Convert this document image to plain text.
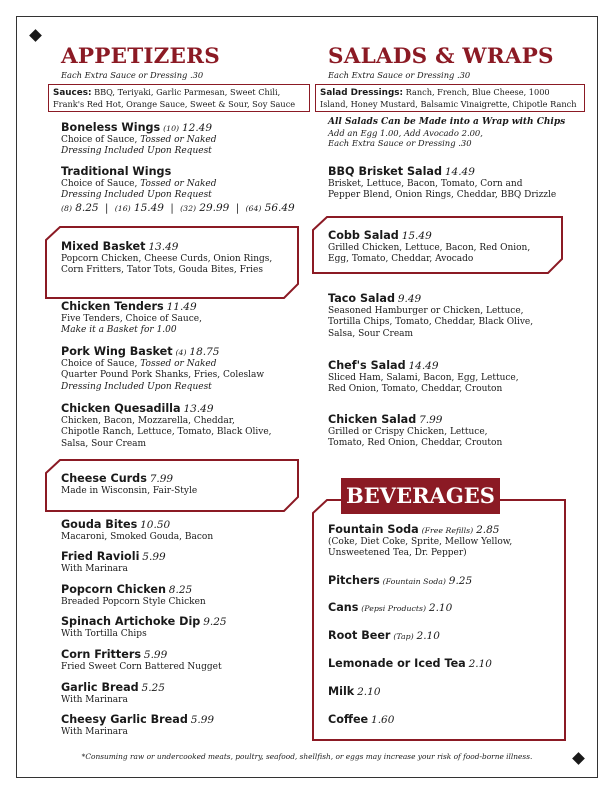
APPETIZERS
Each Extra Sauce or Dressing .30
SALADS & WRAPS
Each Extra Sauce or Dressing .30
Sauces: BBQ, Teriyaki, Garlic Parmesan, Sweet Chili, Frank's Red Hot, Orange Sauce, Sweet & Sour, Soy Sauce
Salad Dressings: Ranch, French, Blue Cheese, 1000 Island, Honey Mustard, Balsamic Vinaigrette, Chipotle Ranch
BEVERAGES
Boneless Wings (10) 12.49
Choice of Sauce, Tossed or Naked
Dressing Included Upon Request
Traditional Wings
Choice of Sauce, Tossed or Naked
Dressing Included Upon Request
(8) 8.25  |  (16) 15.49  |  (32) 29.99  |  (64) 56.49
Mixed Basket 13.49
Popcorn Chicken, Cheese Curds, Onion Rings,
Corn Fritters, Tator Tots, Gouda Bites, Fries
Chicken Tenders 11.49
Five Tenders, Choice of Sauce,
Make it a Basket for 1.00
Pork Wing Basket (4) 18.75
Choice of Sauce, Tossed or Naked
Quarter Pound Pork Shanks, Fries, Coleslaw
Dressing Included Upon Request
Chicken Quesadilla 13.49
Chicken, Bacon, Mozzarella, Cheddar,
Chipotle Ranch, Lettuce, Tomato, Black Olive,
Salsa, Sour Cream
Cheese Curds 7.99
Made in Wisconsin, Fair-Style
Gouda Bites 10.50
Macaroni, Smoked Gouda, Bacon
Fried Ravioli 5.99
With Marinara
Popcorn Chicken 8.25
Breaded Popcorn Style Chicken
Spinach Artichoke Dip 9.25
With Tortilla Chips
Corn Fritters 5.99
Fried Sweet Corn Battered Nugget
Garlic Bread 5.25
With Marinara
Cheesy Garlic Bread 5.99
With Marinara
All Salads Can be Made into a Wrap with Chips
Add an Egg 1.00, Add Avocado 2.00,
Each Extra Sauce or Dressing .30
BBQ Brisket Salad 14.49
Brisket, Lettuce, Bacon, Tomato, Corn and
Pepper Blend, Onion Rings, Cheddar, BBQ Drizzle
Cobb Salad 15.49
Grilled Chicken, Lettuce, Bacon, Red Onion,
Egg, Tomato, Cheddar, Avocado
Taco Salad 9.49
Seasoned Hamburger or Chicken, Lettuce,
Tortilla Chips, Tomato, Cheddar, Black Olive,
Salsa, Sour Cream
Chef's Salad 14.49
Sliced Ham, Salami, Bacon, Egg, Lettuce,
Red Onion, Tomato, Cheddar, Crouton
Chicken Salad 7.99
Grilled or Crispy Chicken, Lettuce,
Tomato, Red Onion, Cheddar, Crouton
Fountain Soda (Free Refills) 2.85
(Coke, Diet Coke, Sprite, Mellow Yellow,
Unsweetened Tea, Dr. Pepper)
Pitchers (Fountain Soda) 9.25
Cans (Pepsi Products) 2.10
Root Beer (Tap) 2.10
Lemonade or Iced Tea 2.10
Milk 2.10
Coffee 1.60
*Consuming raw or undercooked meats, poultry, seafood, shellfish, or eggs may increase your risk of food-borne illness.
